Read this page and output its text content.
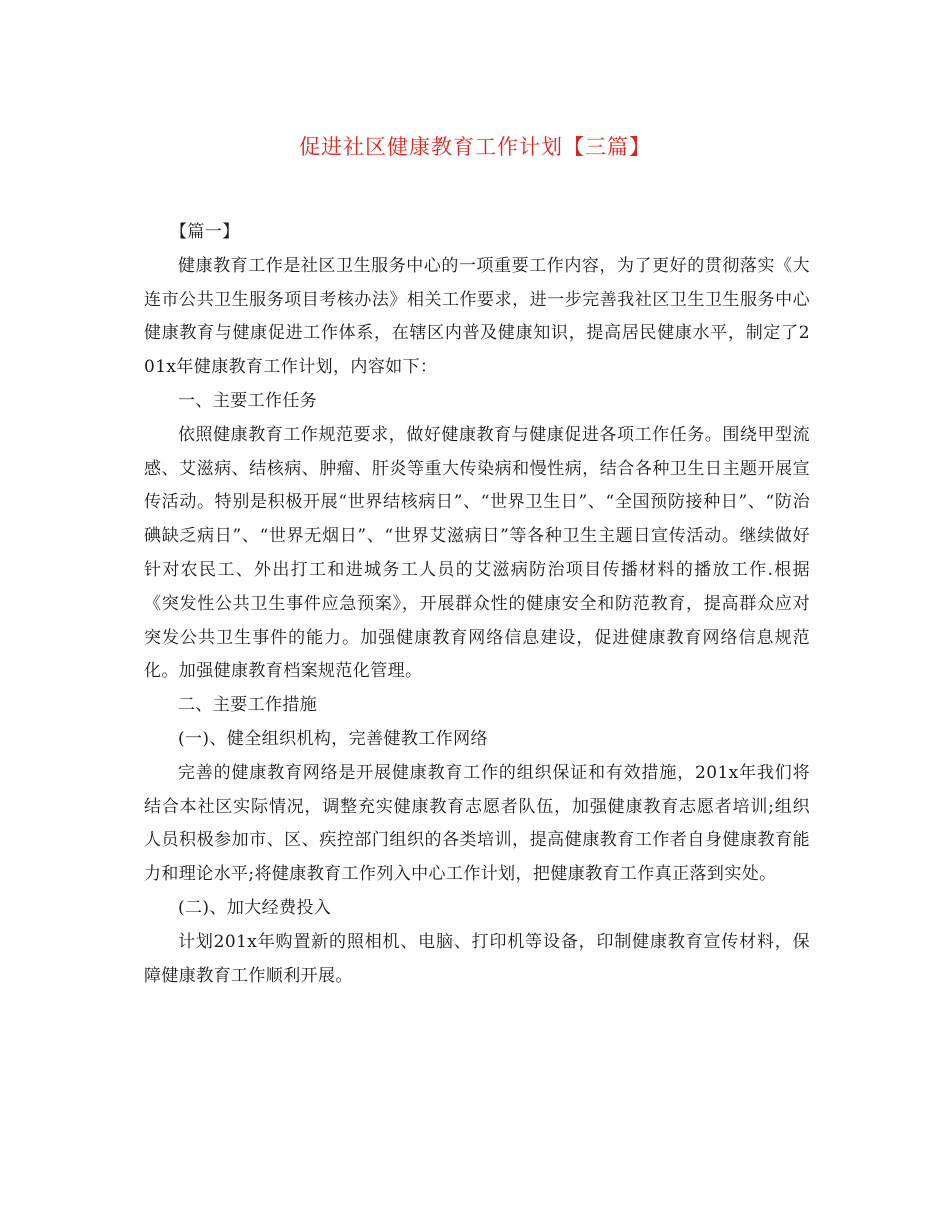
促进社区健康教育工作计划【三篇】

【篇一】

健康教育工作是社区卫生服务中心的一项重要工作内容，为了更好的贯彻落实《大连市公共卫生服务项目考核办法》相关工作要求，进一步完善我社区卫生卫生服务中心健康教育与健康促进工作体系，在辖区内普及健康知识，提高居民健康水平，制定了201x年健康教育工作计划，内容如下：

一、主要工作任务

依照健康教育工作规范要求，做好健康教育与健康促进各项工作任务。围绕甲型流感、艾滋病、结核病、肿瘤、肝炎等重大传染病和慢性病，结合各种卫生日主题开展宣传活动。特别是积极开展“世界结核病日”、“世界卫生日”、“全国预防接种日”、“防治碘缺乏病日”、“世界无烟日”、“世界艾滋病日”等各种卫生主题日宣传活动。继续做好针对农民工、外出打工和进城务工人员的艾滋病防治项目传播材料的播放工作.根据《突发性公共卫生事件应急预案》，开展群众性的健康安全和防范教育，提高群众应对突发公共卫生事件的能力。加强健康教育网络信息建设，促进健康教育网络信息规范化。加强健康教育档案规范化管理。

二、主要工作措施

(一)、健全组织机构，完善健教工作网络

完善的健康教育网络是开展健康教育工作的组织保证和有效措施，201x年我们将结合本社区实际情况，调整充实健康教育志愿者队伍，加强健康教育志愿者培训;组织人员积极参加市、区、疾控部门组织的各类培训，提高健康教育工作者自身健康教育能力和理论水平;将健康教育工作列入中心工作计划，把健康教育工作真正落到实处。

(二)、加大经费投入

计划201x年购置新的照相机、电脑、打印机等设备，印制健康教育宣传材料，保障健康教育工作顺利开展。
